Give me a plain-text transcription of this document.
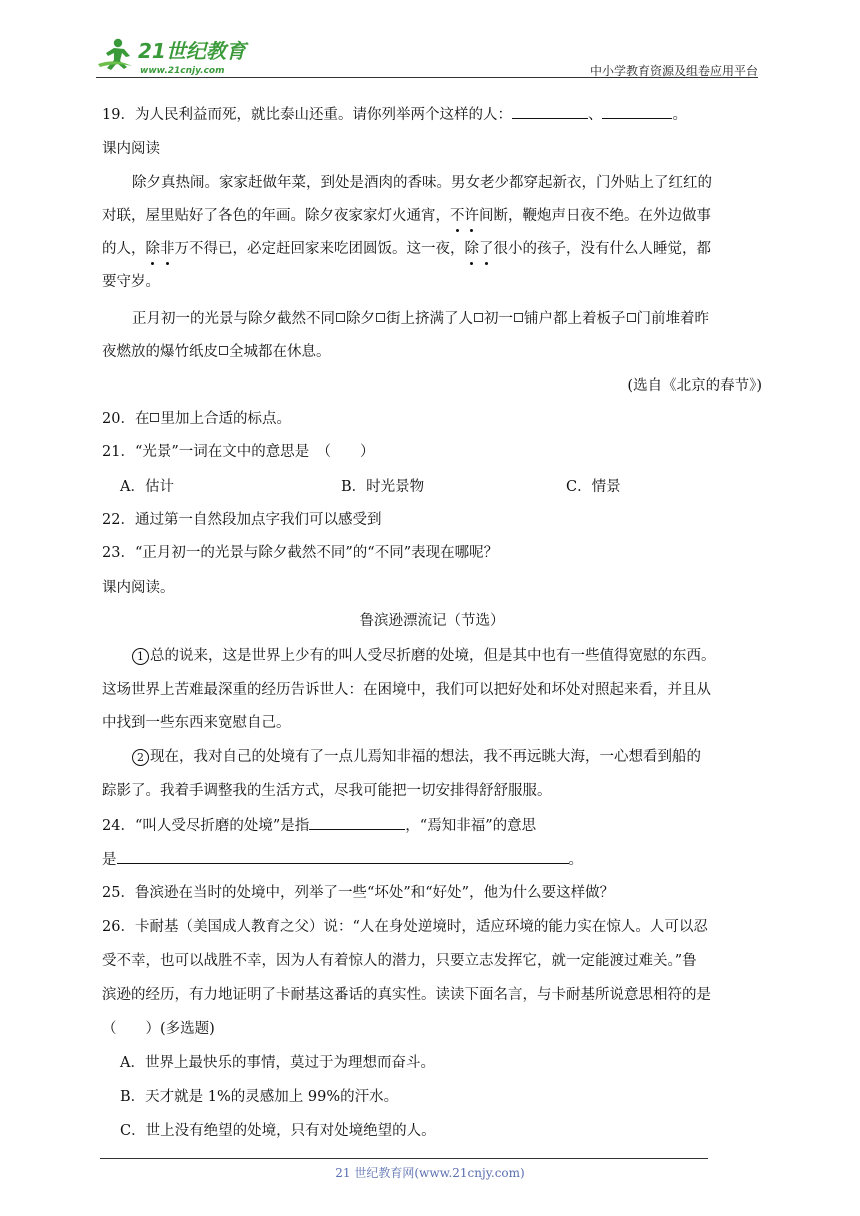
21世纪教育
www.21cnjy.com	中小学教育资源及组卷应用平台
19．为人民利益而死，就比泰山还重。请你列举两个这样的人：	、	。
课内阅读
除夕真热闹。家家赶做年菜，到处是酒肉的香味。男女老少都穿起新衣，门外贴上了红红的
对联，屋里贴好了各色的年画。除夕夜家家灯火通宵，不许间断，鞭炮声日夜不绝。在外边做事
的人，除非万不得已，必定赶回家来吃团圆饭。这一夜，除了很小的孩子，没有什么人睡觉，都
要守岁。
正月初一的光景与除夕截然不同 除夕 街上挤满了人 初一 铺户都上着板子 门前堆着昨
夜燃放的爆竹纸皮 全城都在休息。
(选自《北京的春节》)
20．在 里加上合适的标点。
21．“光景”一词在文中的意思是　（　　）
A．估计	B．时光景物	C．情景
22．通过第一自然段加点字我们可以感受到
23．“正月初一的光景与除夕截然不同”的“不同”表现在哪呢？
课内阅读。
鲁滨逊漂流记（节选）
1 总的说来，这是世界上少有的叫人受尽折磨的处境，但是其中也有一些值得宽慰的东西。
这场世界上苦难最深重的经历告诉世人：在困境中，我们可以把好处和坏处对照起来看，并且从
中找到一些东西来宽慰自己。
2 现在，我对自己的处境有了一点儿焉知非福的想法，我不再远眺大海，一心想看到船的
踪影了。我着手调整我的生活方式，尽我可能把一切安排得舒舒服服。
24．“叫人受尽折磨的处境”是指	，“焉知非福”的意思
是	。
25．鲁滨逊在当时的处境中，列举了一些“坏处”和“好处”，他为什么要这样做？
26．卡耐基（美国成人教育之父）说：“人在身处逆境时，适应环境的能力实在惊人。人可以忍
受不幸，也可以战胜不幸，因为人有着惊人的潜力，只要立志发挥它，就一定能渡过难关。”鲁
滨逊的经历，有力地证明了卡耐基这番话的真实性。读读下面名言，与卡耐基所说意思相符的是
（　　）(多选题)
A．世界上最快乐的事情，莫过于为理想而奋斗。
B．天才就是 1%的灵感加上 99%的汗水。
C．世上没有绝望的处境，只有对处境绝望的人。
21 世纪教育网(www.21cnjy.com)
